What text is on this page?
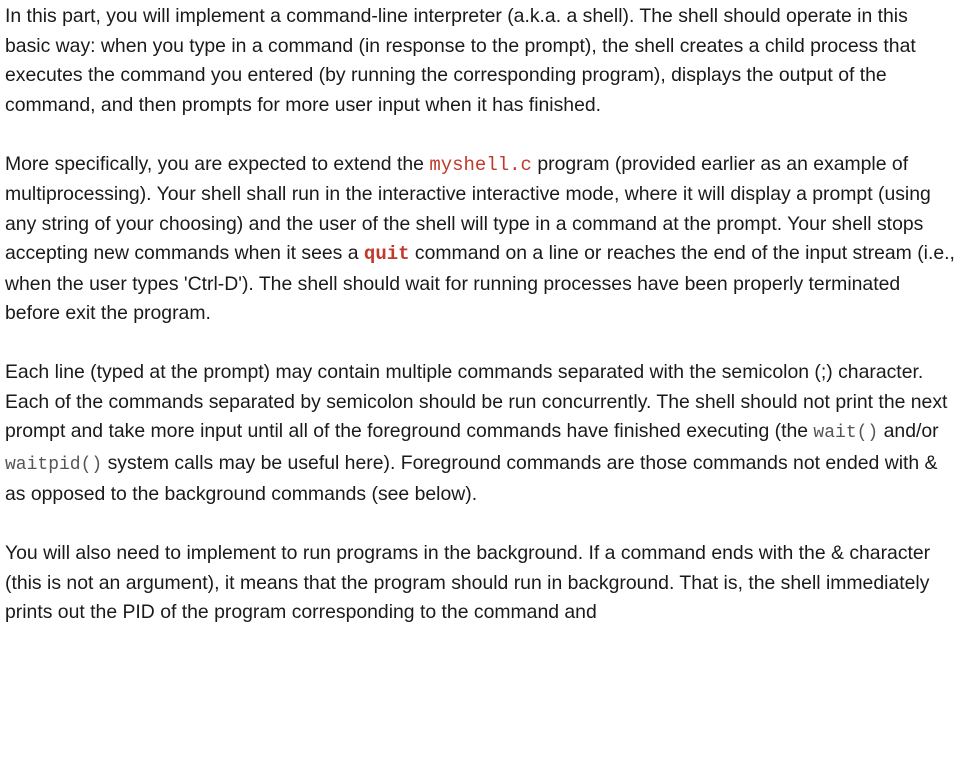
In this part, you will implement a command-line interpreter (a.k.a. a shell). The shell should operate in this basic way: when you type in a command (in response to the prompt), the shell creates a child process that executes the command you entered (by running the corresponding program), displays the output of the command, and then prompts for more user input when it has finished.

More specifically, you are expected to extend the myshell.c program (provided earlier as an example of multiprocessing). Your shell shall run in the interactive interactive mode, where it will display a prompt (using any string of your choosing) and the user of the shell will type in a command at the prompt. Your shell stops accepting new commands when it sees a quit command on a line or reaches the end of the input stream (i.e., when the user types 'Ctrl-D'). The shell should wait for running processes have been properly terminated before exit the program.

Each line (typed at the prompt) may contain multiple commands separated with the semicolon (;) character. Each of the commands separated by semicolon should be run concurrently. The shell should not print the next prompt and take more input until all of the foreground commands have finished executing (the wait() and/or waitpid() system calls may be useful here). Foreground commands are those commands not ended with & as opposed to the background commands (see below).

You will also need to implement to run programs in the background. If a command ends with the & character (this is not an argument), it means that the program should run in background. That is, the shell immediately prints out the PID of the program corresponding to the command and
